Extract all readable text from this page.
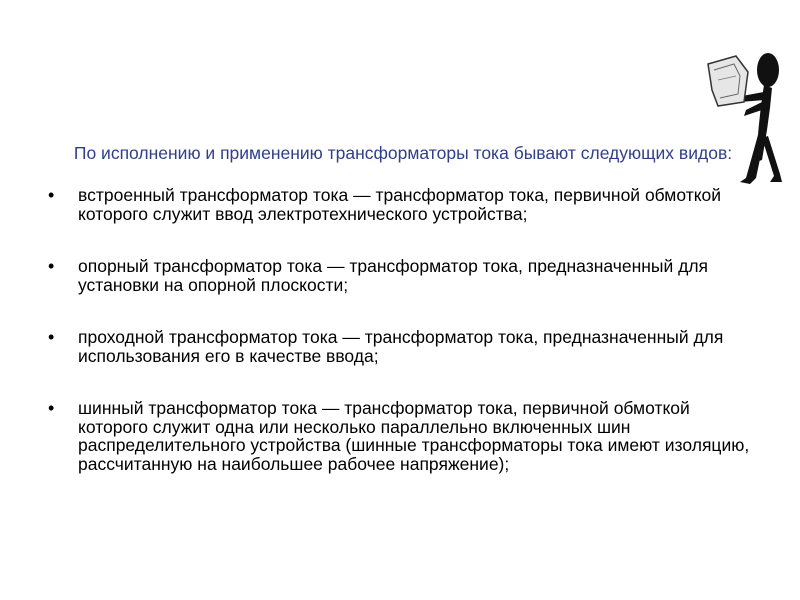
По исполнению и применению трансформаторы тока бывают следующих видов:
• встроенный трансформатор тока — трансформатор тока, первичной обмоткой которого служит ввод электротехнического устройства;
• опорный трансформатор тока — трансформатор тока, предназначенный для установки на опорной плоскости;
• проходной трансформатор тока — трансформатор тока, предназначенный для использования его в качестве ввода;
• шинный трансформатор тока — трансформатор тока, первичной обмоткой которого служит одна или несколько параллельно включенных шин распределительного устройства (шинные трансформаторы тока имеют изоляцию, рассчитанную на наибольшее рабочее напряжение);
